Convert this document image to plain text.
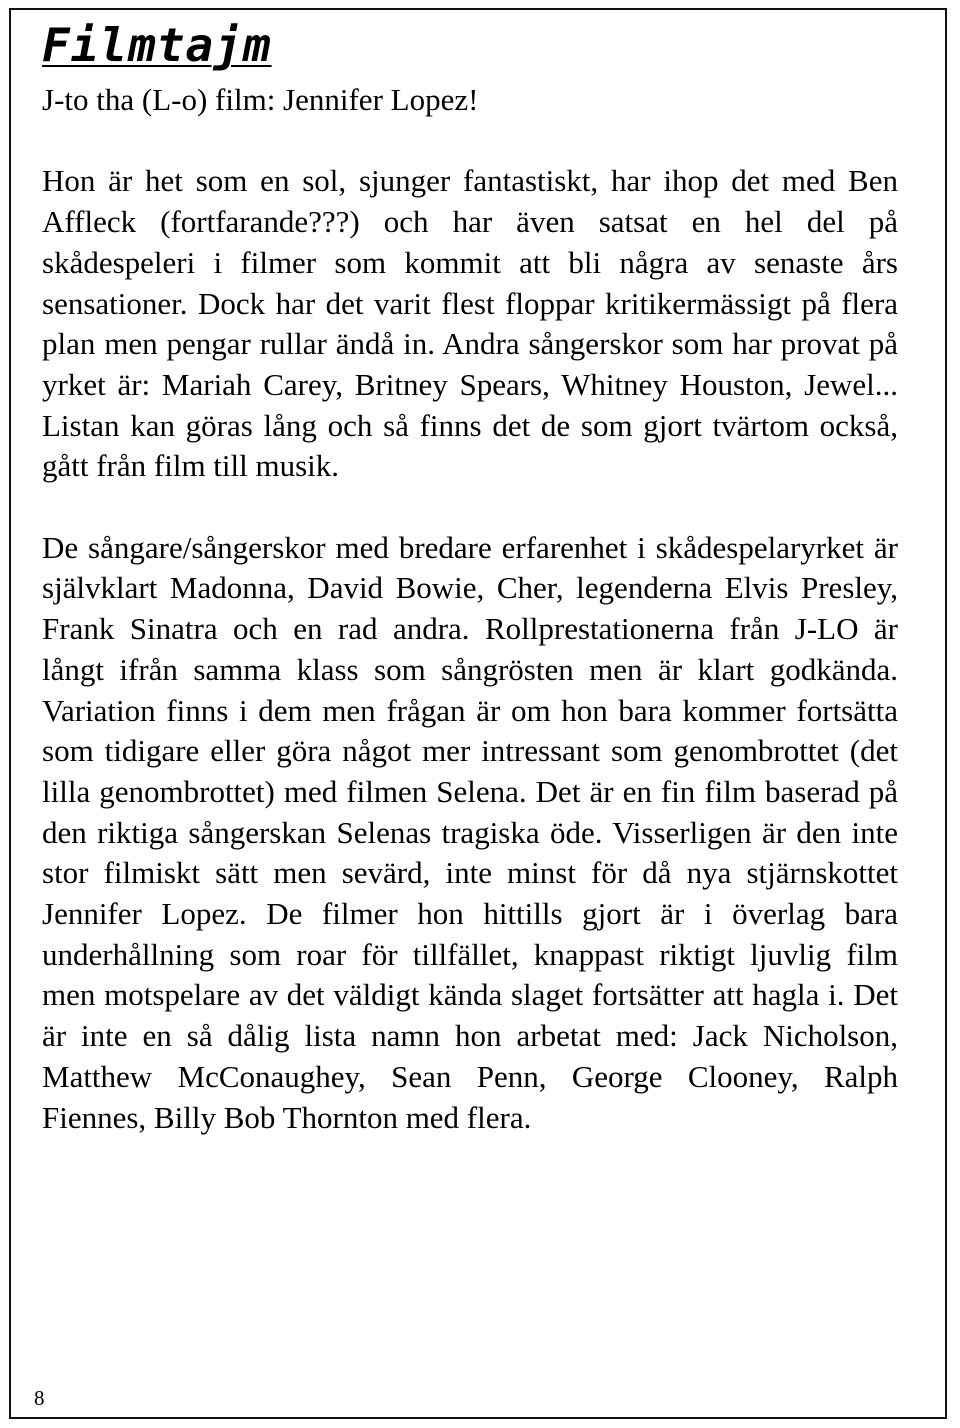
Filmtajm

J-to tha (L-o) film: Jennifer Lopez!

Hon är het som en sol, sjunger fantastiskt, har ihop det med Ben Affleck (fortfarande???) och har även satsat en hel del på skådespeleri i filmer som kommit att bli några av senaste års sensationer. Dock har det varit flest floppar kritikermässigt på flera plan men pengar rullar ändå in. Andra sångerskor som har provat på yrket är: Mariah Carey, Britney Spears, Whitney Houston, Jewel... Listan kan göras lång och så finns det de som gjort tvärtom också, gått från film till musik.

De sångare/sångerskor med bredare erfarenhet i skådespelaryrket är självklart Madonna, David Bowie, Cher, legenderna Elvis Presley, Frank Sinatra och en rad andra. Rollprestationerna från J-LO är långt ifrån samma klass som sångrösten men är klart godkända. Variation finns i dem men frågan är om hon bara kommer fortsätta som tidigare eller göra något mer intressant som genombrottet (det lilla genombrottet) med filmen Selena. Det är en fin film baserad på den riktiga sångerskan Selenas tragiska öde. Visserligen är den inte stor filmiskt sätt men sevärd, inte minst för då nya stjärnskottet Jennifer Lopez. De filmer hon hittills gjort är i överlag bara underhållning som roar för tillfället, knappast riktigt ljuvlig film men motspelare av det väldigt kända slaget fortsätter att hagla i. Det är inte en så dålig lista namn hon arbetat med: Jack Nicholson, Matthew McConaughey, Sean Penn, George Clooney, Ralph Fiennes, Billy Bob Thornton med flera.

8
